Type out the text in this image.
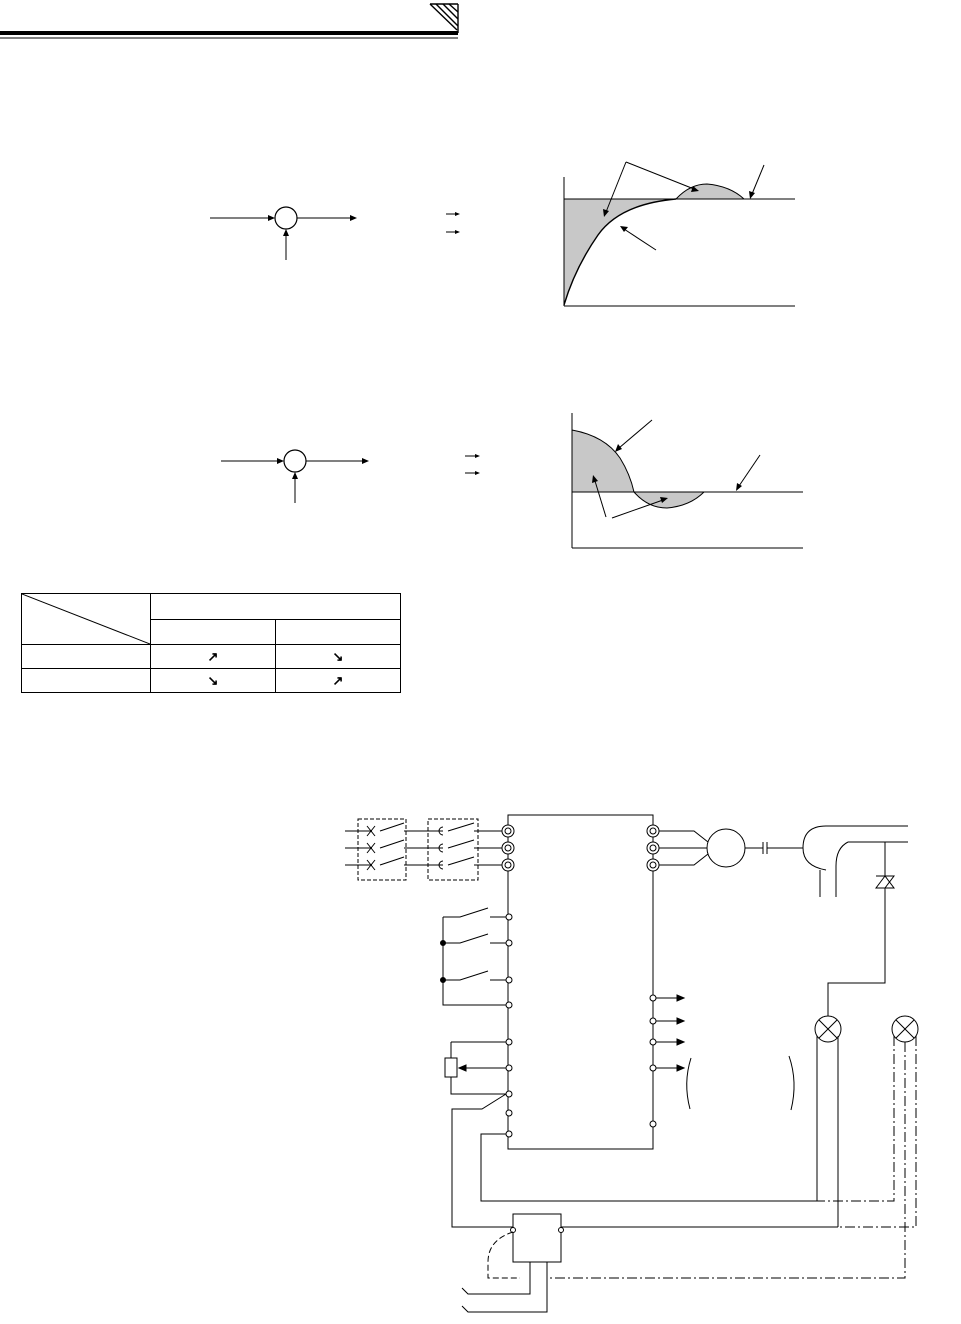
	↗	↘
	↘	↗
